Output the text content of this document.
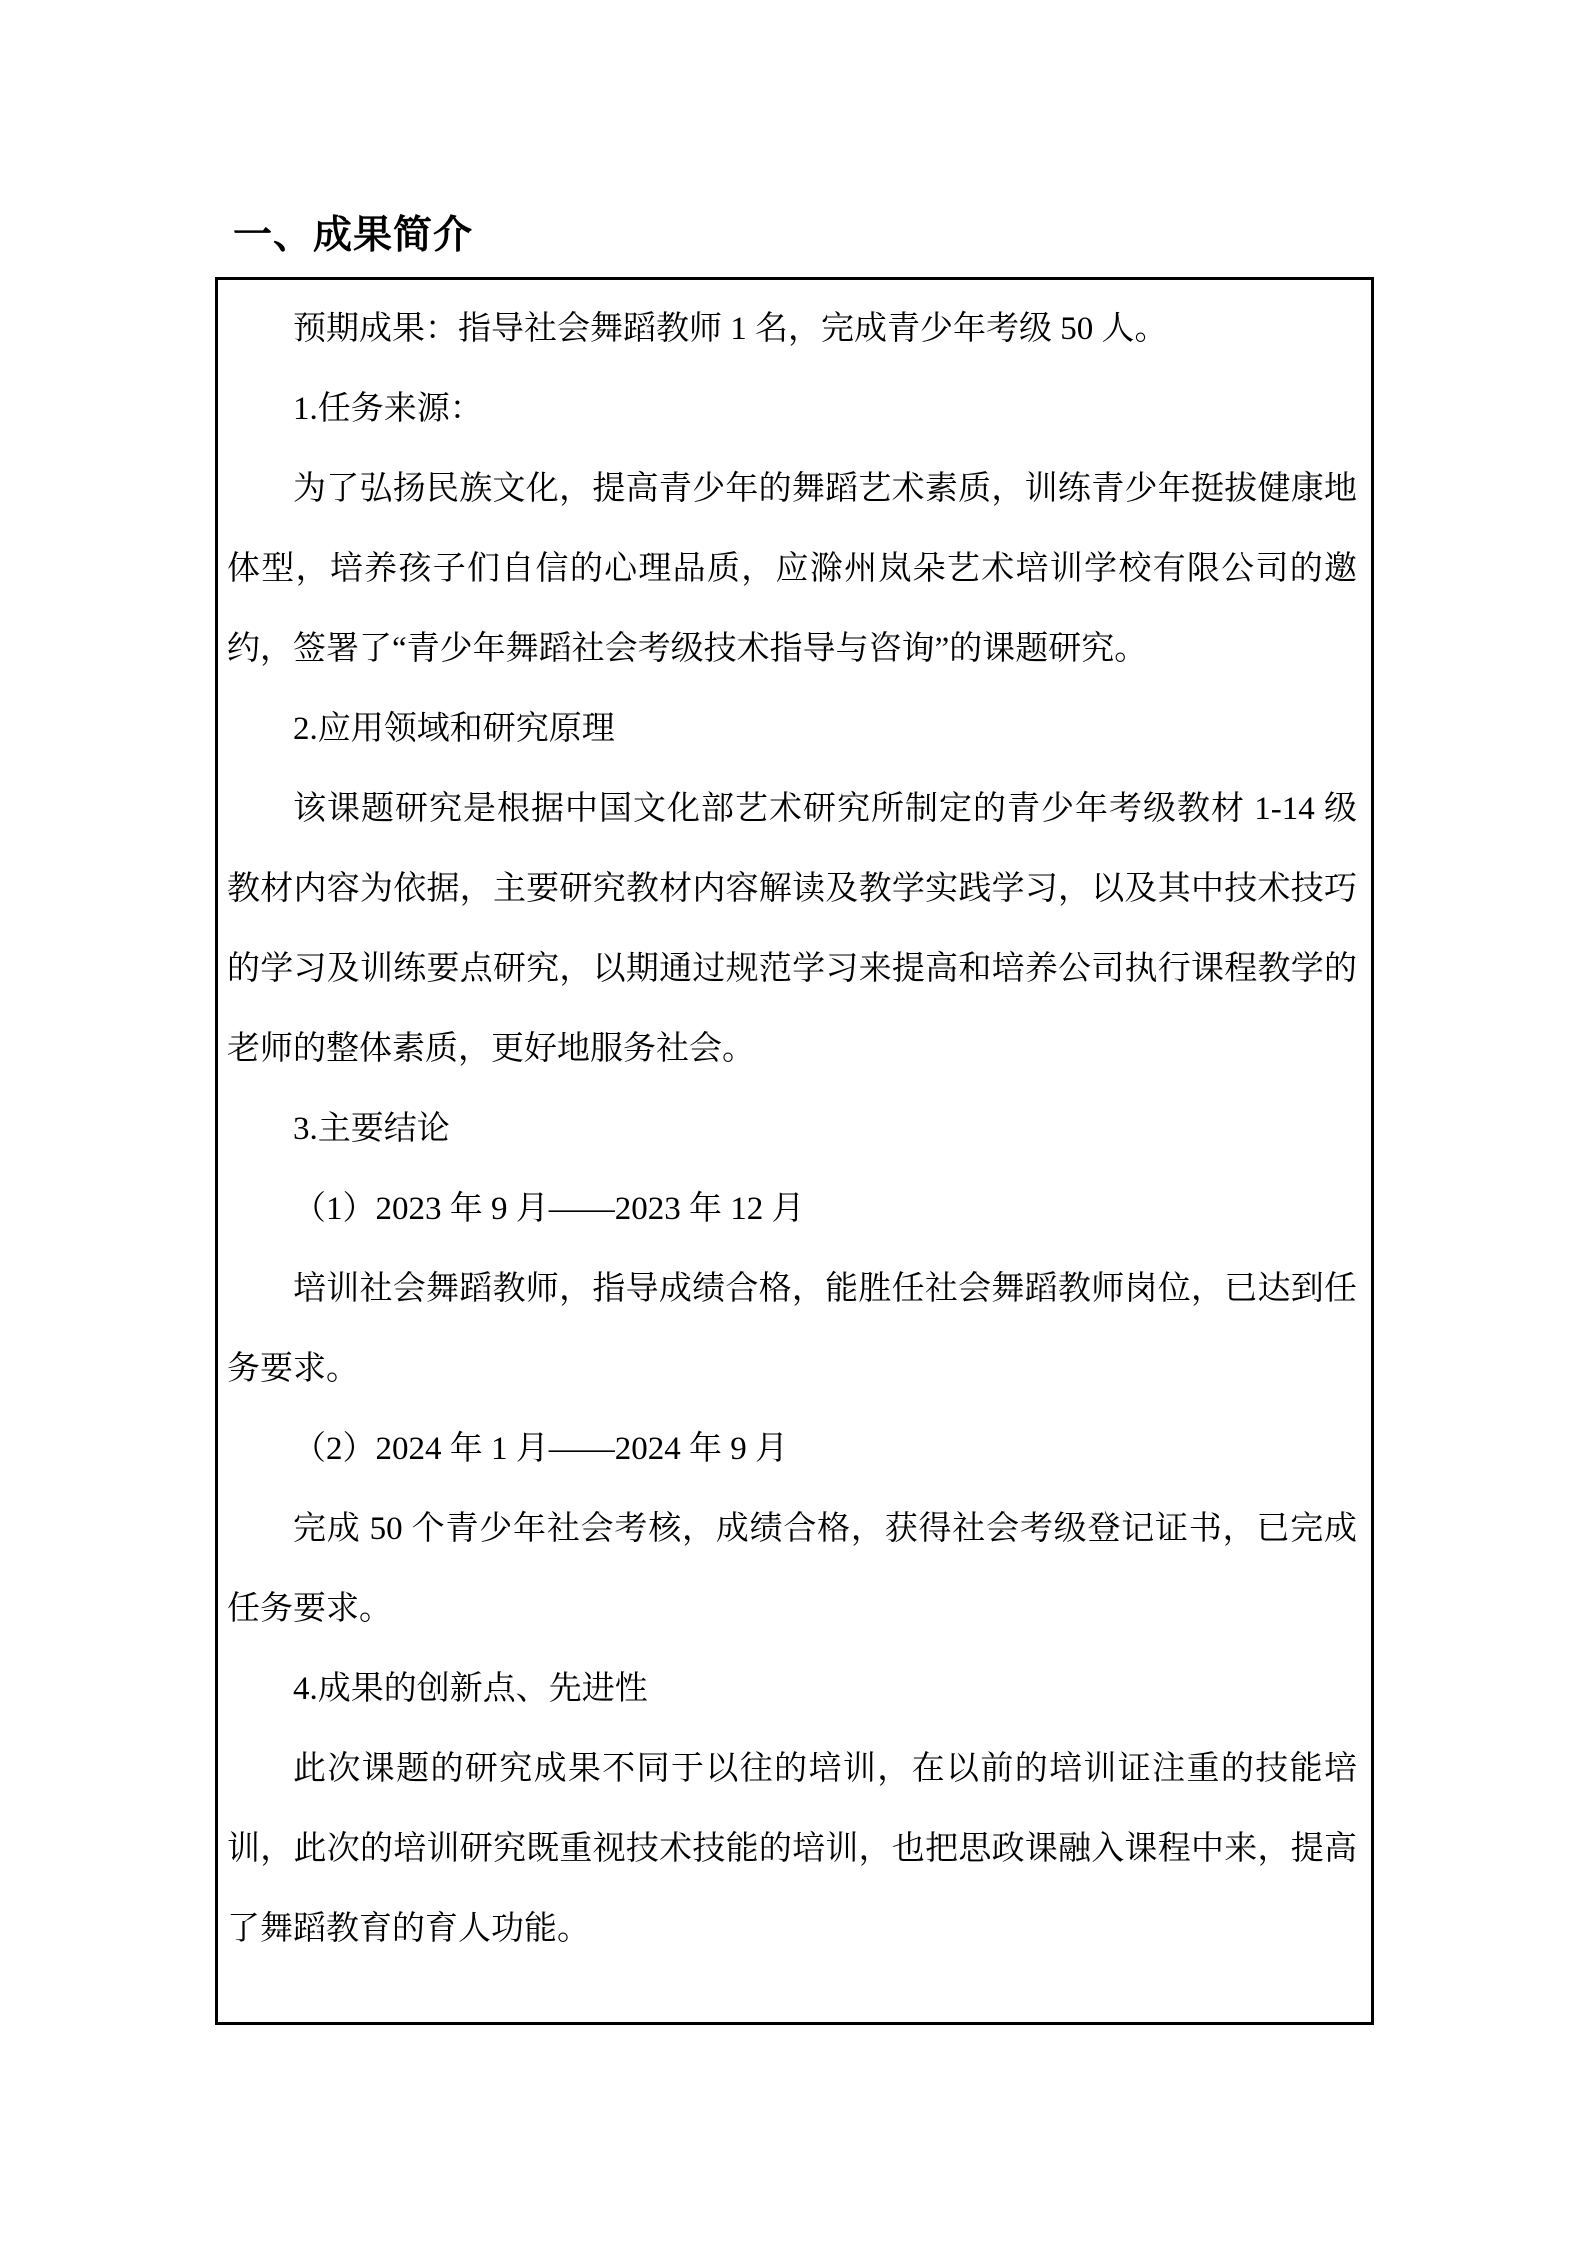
一、成果简介

预期成果：指导社会舞蹈教师 1 名，完成青少年考级 50 人。

1.任务来源：

为了弘扬民族文化，提高青少年的舞蹈艺术素质，训练青少年挺拔健康地体型，培养孩子们自信的心理品质，应滁州岚朵艺术培训学校有限公司的邀约，签署了“青少年舞蹈社会考级技术指导与咨询”的课题研究。

2.应用领域和研究原理

该课题研究是根据中国文化部艺术研究所制定的青少年考级教材 1-14 级教材内容为依据，主要研究教材内容解读及教学实践学习，以及其中技术技巧的学习及训练要点研究，以期通过规范学习来提高和培养公司执行课程教学的老师的整体素质，更好地服务社会。

3.主要结论

（1）2023 年 9 月——2023 年 12 月

培训社会舞蹈教师，指导成绩合格，能胜任社会舞蹈教师岗位，已达到任务要求。

（2）2024 年 1 月——2024 年 9 月

完成 50 个青少年社会考核，成绩合格，获得社会考级登记证书，已完成任务要求。

4.成果的创新点、先进性

此次课题的研究成果不同于以往的培训，在以前的培训证注重的技能培训，此次的培训研究既重视技术技能的培训，也把思政课融入课程中来，提高了舞蹈教育的育人功能。
